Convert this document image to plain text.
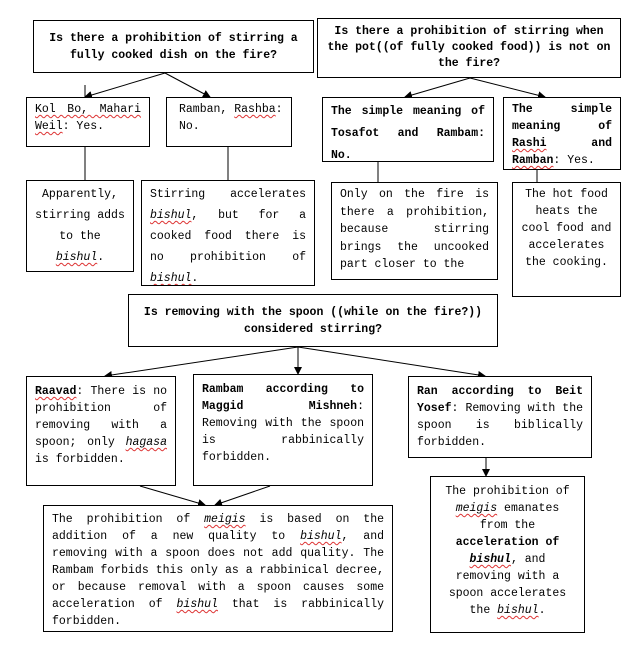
Is there a prohibition of stirring a fully cooked dish on the fire?
Is there a prohibition of stirring when the pot((of fully cooked food)) is not on the fire?
Kol Bo, Mahari Weil: Yes.
Ramban, Rashba: No.
The simple meaning of Tosafot and Rambam: No.
The simple meaning of Rashi and Ramban: Yes.
Apparently, stirring adds to the bishul.
Stirring accelerates bishul, but for a cooked food there is no prohibition of bishul.
Only on the fire is there a prohibition, because stirring brings the uncooked part closer to the
The hot food heats the cool food and accelerates the cooking.
Is removing with the spoon ((while on the fire?)) considered stirring?
Raavad: There is no prohibition of removing with a spoon; only hagasa is forbidden.
Rambam according to Maggid Mishneh: Removing with the spoon is rabbinically forbidden.
Ran according to Beit Yosef: Removing with the spoon is biblically forbidden.
The prohibition of meigis is based on the addition of a new quality to bishul, and removing with a spoon does not add quality. The Rambam forbids this only as a rabbinical decree, or because removal with a spoon causes some acceleration of bishul that is rabbinically forbidden.
The prohibition of meigis emanates from the acceleration of bishul, and removing with a spoon accelerates the bishul.
